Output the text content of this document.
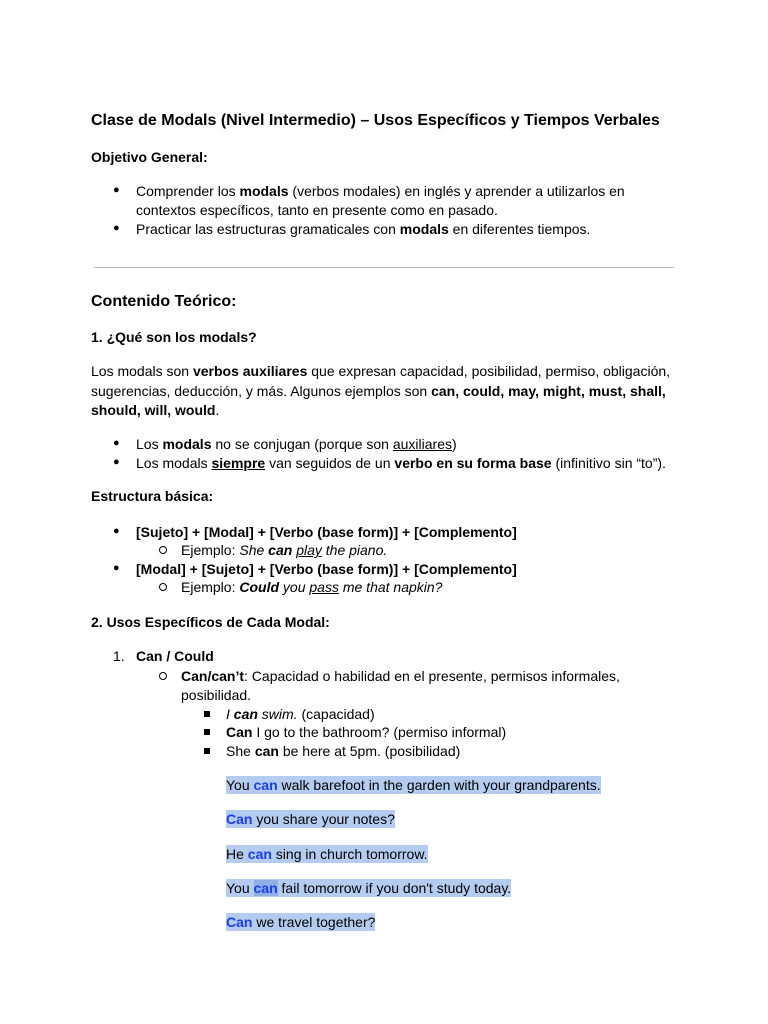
Clase de Modals (Nivel Intermedio) – Usos Específicos y Tiempos Verbales
Objetivo General:
● Comprender los modals (verbos modales) en inglés y aprender a utilizarlos en
contextos específicos, tanto en presente como en pasado.
● Practicar las estructuras gramaticales con modals en diferentes tiempos.
Contenido Teórico:
1. ¿Qué son los modals?
Los modals son verbos auxiliares que expresan capacidad, posibilidad, permiso, obligación,
sugerencias, deducción, y más. Algunos ejemplos son can, could, may, might, must, shall,
should, will, would.
● Los modals no se conjugan (porque son auxiliares)
● Los modals siempre van seguidos de un verbo en su forma base (infinitivo sin “to”).
Estructura básica:
● [Sujeto] + [Modal] + [Verbo (base form)] + [Complemento]
Ejemplo: She can play the piano.
● [Modal] + [Sujeto] + [Verbo (base form)] + [Complemento]
Ejemplo: Could you pass me that napkin?
2. Usos Específicos de Cada Modal:
1. Can / Could
Can/can’t: Capacidad o habilidad en el presente, permisos informales,
posibilidad.
I can swim. (capacidad)
Can I go to the bathroom? (permiso informal)
She can be here at 5pm. (posibilidad)
You can walk barefoot in the garden with your grandparents.
Can you share your notes?
He can sing in church tomorrow.
You can fail tomorrow if you don't study today.
Can we travel together?
